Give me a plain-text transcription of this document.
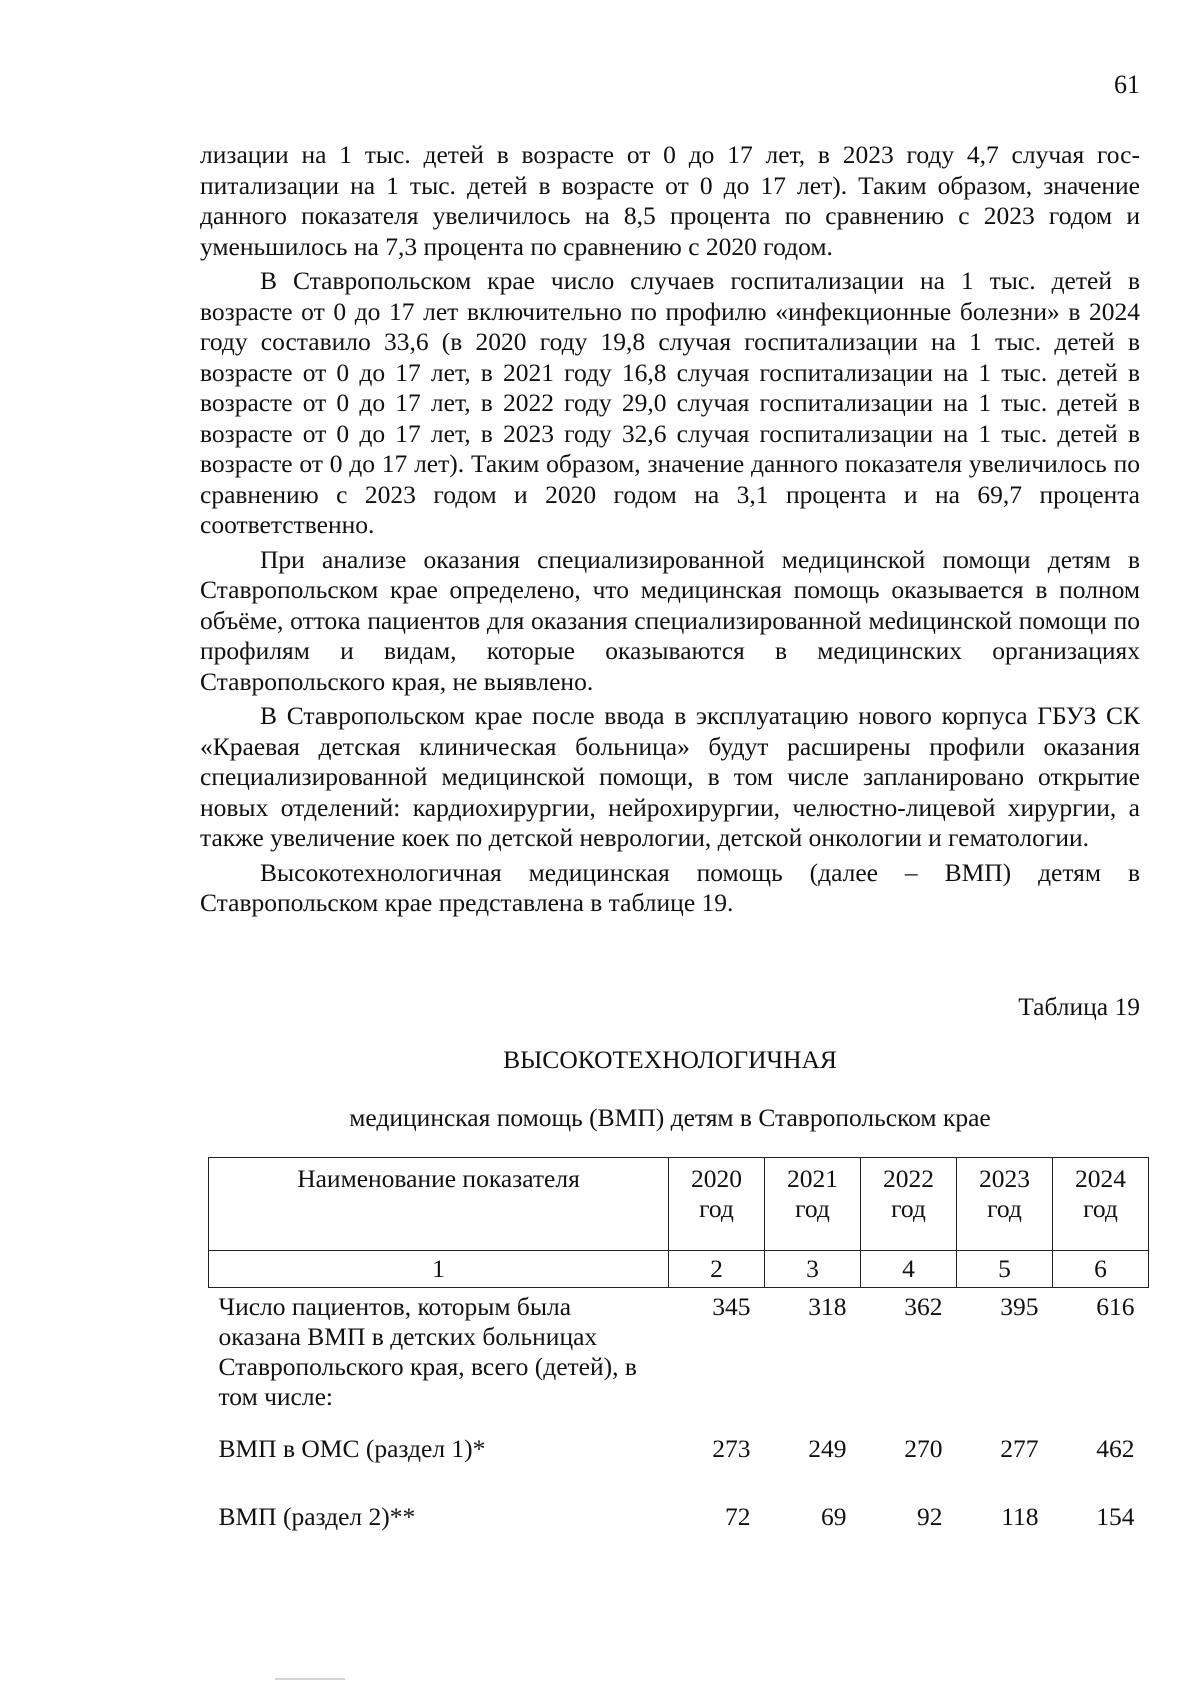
61

лизации на 1 тыс. детей в возрасте от 0 до 17 лет, в 2023 году 4,7 случая госпитализации на 1 тыс. детей в возрасте от 0 до 17 лет). Таким образом, значение данного показателя увеличилось на 8,5 процента по сравнению с 2023 годом и уменьшилось на 7,3 процента по сравнению с 2020 годом.

В Ставропольском крае число случаев госпитализации на 1 тыс. детей в возрасте от 0 до 17 лет включительно по профилю «инфекционные болезни» в 2024 году составило 33,6 (в 2020 году 19,8 случая госпитализации на 1 тыс. детей в возрасте от 0 до 17 лет, в 2021 году 16,8 случая госпитализации на 1 тыс. детей в возрасте от 0 до 17 лет, в 2022 году 29,0 случая госпитализации на 1 тыс. детей в возрасте от 0 до 17 лет, в 2023 году 32,6 случая госпитализации на 1 тыс. детей в возрасте от 0 до 17 лет). Таким образом, значение данного показателя увеличилось по сравнению с 2023 годом и 2020 годом на 3,1 процента и на 69,7 процента соответственно.

При анализе оказания специализированной медицинской помощи детям в Ставропольском крае определено, что медицинская помощь оказывается в полном объёме, оттока пациентов для оказания специализированной меdицинской помощи по профилям и видам, которые оказываются в медицинских организациях Ставропольского края, не выявлено.

В Ставропольском крае после ввода в эксплуатацию нового корпуса ГБУЗ СК «Краевая детская клиническая больница» будут расширены профили оказания специализированной медицинской помощи, в том числе запланировано открытие новых отделений: кардиохирургии, нейрохирургии, челюстно-лицевой хирургии, а также увеличение коек по детской неврологии, детской онкологии и гематологии.

Высокотехнологичная медицинская помощь (далее – ВМП) детям в Ставропольском крае представлена в таблице 19.

Таблица 19
ВЫСОКОТЕХНОЛОГИЧНАЯ
медицинская помощь (ВМП) детям в Ставропольском крае
Наименование показателя	2020 год	2021 год	2022 год	2023 год	2024 год
1	2	3	4	5	6
Число пациентов, которым была оказана ВМП в детских больницах Ставропольского края, всего (детей), в том числе:	345	318	362	395	616
ВМП в ОМС (раздел 1)*	273	249	270	277	462
ВМП (раздел 2)**	72	69	92	118	154
